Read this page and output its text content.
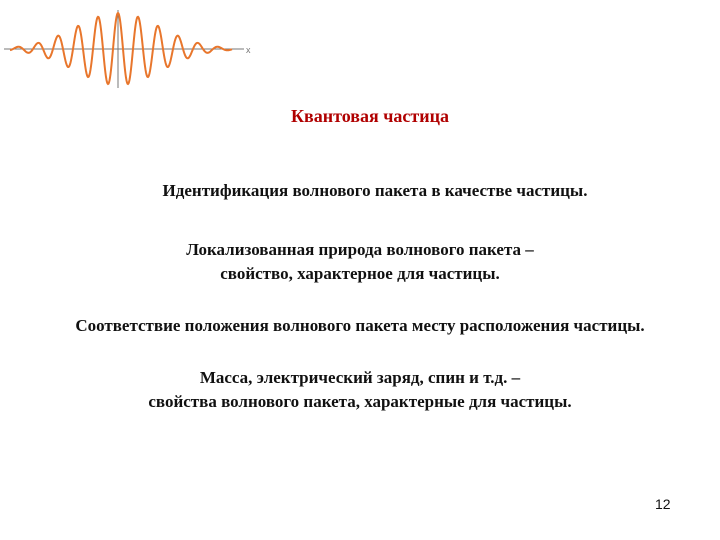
x
Квантовая частица
Идентификация волнового пакета в качестве частицы.
Локализованная природа волнового пакета –
свойство, характерное для частицы.
Соответствие положения волнового пакета месту расположения частицы.
Масса, электрический заряд, спин и т.д. –
свойства волнового пакета, характерные для частицы.
12
